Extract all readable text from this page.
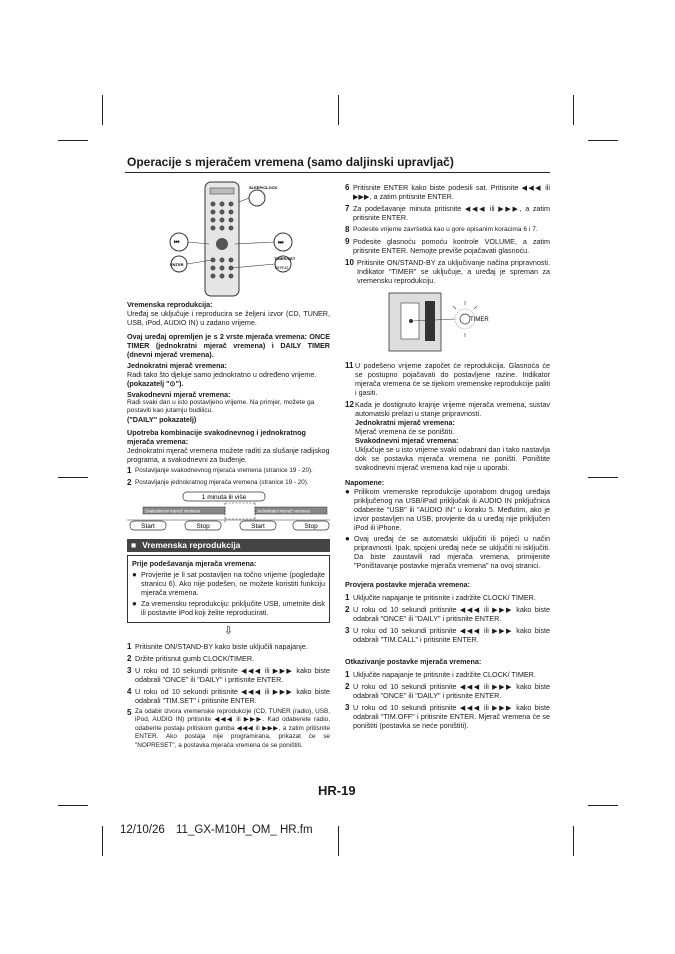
Operacije s mjeračem vremena (samo daljinski upravljač)
SLEEP/CLOCK
⏮	⏭
ENTER
TIMER/SET
REPEAT

Vremenska reprodukcija:

Uređaj se uključuje i reproducira se željeni izvor (CD, TUNER, USB, iPod, AUDIO IN) u zadano vrijeme.

Ovaj uređaj opremljen je s 2 vrste mjerača vremena: ONCE TIMER (jednokratni mjerač vremena) i DAILY TIMER (dnevni mjerač vremena).

Jednokratni mjerač vremena:

Radi tako što djeluje samo jednokratno u određeno vrijeme.

(pokazatelj "⊙").

Svakodnevni mjerač vremena:

Radi svaki dan u isto postavljeno vrijeme. Na primjer, možete ga postaviti kao jutarnju budilicu.

("DAILY" pokazatelj)

Upotreba kombinacije svakodnevnog i jednokratnog mjerača vremena:

Jednokratni mjerač vremena možete raditi za slušanje radijskog programa, a svakodnevni za buđenje.

1 Postavljanje svakodnevnog mjerača vremena (stranice 19 - 20).
2 Postavljanje jednokratnog mjerača vremena (stranice 19 - 20).
1 minuta ili više
Svakodnevni mjerač vremena	Jednokratni mjerač vremena
Start	Stop	Start	Stop
■ Vremenska reprodukcija

Prije podešavanja mjerača vremena:

● Provjerite je li sat postavljen na točno vrijeme (pogledajte stranicu 6). Ako nije podešen, ne možete koristiti funkciju mjerača vremena.
● Za vremensku reprodukciju: priključite USB, umetnite disk ili postavite iPod koji želite reproducirati.
⇩
1 Pritisnite ON/STAND-BY kako biste uključili napajanje.
2 Držite pritisnut gumb CLOCK/TIMER.
3 U roku od 10 sekundi pritisnite ◀◀◀ ili ▶▶▶ kako biste odabrali "ONCE" ili "DAILY" i pritisnite ENTER.
4 U roku od 10 sekundi pritisnite ◀◀◀ ili ▶▶▶ kako biste odabrali "TIM.SET" i pritisnite ENTER.
5 Za odabir izvora vremenske reprodukcije (CD, TUNER (radio), USB, iPod, AUDIO IN) pritisnite ◀◀◀ ili ▶▶▶. Kad odaberete radio, odaberite postaju pritiskom gumba ◀◀◀ ili ▶▶▶, a zatim pritisnite ENTER. Ako postaja nije programirana, prikazat će se "NOPRESET", a postavka mjerača vremena će se poništiti.
6 Pritisnite ENTER kako biste podesili sat. Pritisnite ◀◀◀ ili ▶▶▶, a zatim pritisnite ENTER.
7 Za podešavanje minuta pritisnite ◀◀◀ ili ▶▶▶, a zatim pritisnite ENTER.
8 Podesite vrijeme završetka kao u gore opisanim koracima 6 i 7.
9 Podesite glasnoću pomoću kontrole VOLUME, a zatim pritisnite ENTER. Nemojte previše pojačavati glasnoću.
10 Pritisnite ON/STAND-BY za uključivanje načina pripravnosti. Indikator "TIMER" se uključuje, a uređaj je spreman za vremensku reprodukciju.
TIMER
11 U podešeno vrijeme započet će reprodukcija. Glasnoća će se postupno pojačavati do postavljene razine. Indikator mjerača vremena će se tijekom vremenske reprodukcije paliti i gasiti.
12 Kada je dostignuto krajnje vrijeme mjerača vremena, sustav automatski prelazi u stanje pripravnosti.

Jednokratni mjerač vremena:

Mjerač vremena će se poništiti.

Svakodnevni mjerač vremena:

Uključuje se u isto vrijeme svaki odabrani dan i tako nastavlja dok se postavka mjerača vremena ne poništi. Poništite svakodnevni mjerač vremena kad nije u uporabi.

Napomene:

● Prilikom vremenske reprodukcije uporabom drugog uređaja priključenog na USB/iPad priključak ili AUDIO IN priključnica odaberite "USB" ili "AUDIO IN" u koraku 5. Međutim, ako je izvor postavljen na USB, provjerite da u uređaj nije priključen iPod ili iPhone.
● Ovaj uređaj će se automatski uključiti ili prijeći u način pripravnosti. Ipak, spojeni uređaj neće se uključiti ni isključiti. Da biste zaustavili rad mjerača vremena, primijenite "Poništavanje postavke mjerača vremena" na ovoj stranici.

Provjera postavke mjerača vremena:

1 Uključite napajanje te pritisnite i zadržite CLOCK/ TIMER.
2 U roku od 10 sekundi pritisnite ◀◀◀ ili ▶▶▶ kako biste odabrali "ONCE" ili "DAILY" i pritisnite ENTER.
3 U roku od 10 sekundi pritisnite ◀◀◀ ili ▶▶▶ kako biste odabrali "TIM.CALL" i pritisnite ENTER.

Otkazivanje postavke mjerača vremena:

1 Uključite napajanje te pritisnite i zadržite CLOCK/ TIMER.
2 U roku od 10 sekundi pritisnite ◀◀◀ ili ▶▶▶ kako biste odabrali "ONCE" ili "DAILY" i pritisnite ENTER.
3 U roku od 10 sekundi pritisnite ◀◀◀ ili ▶▶▶ kako biste odabrali "TIM.OFF" i pritisnite ENTER. Mjerač vremena će se poništiti (postavka se neće poništiti).
HR-19
12/10/26 11_GX-M10H_OM_ HR.fm
